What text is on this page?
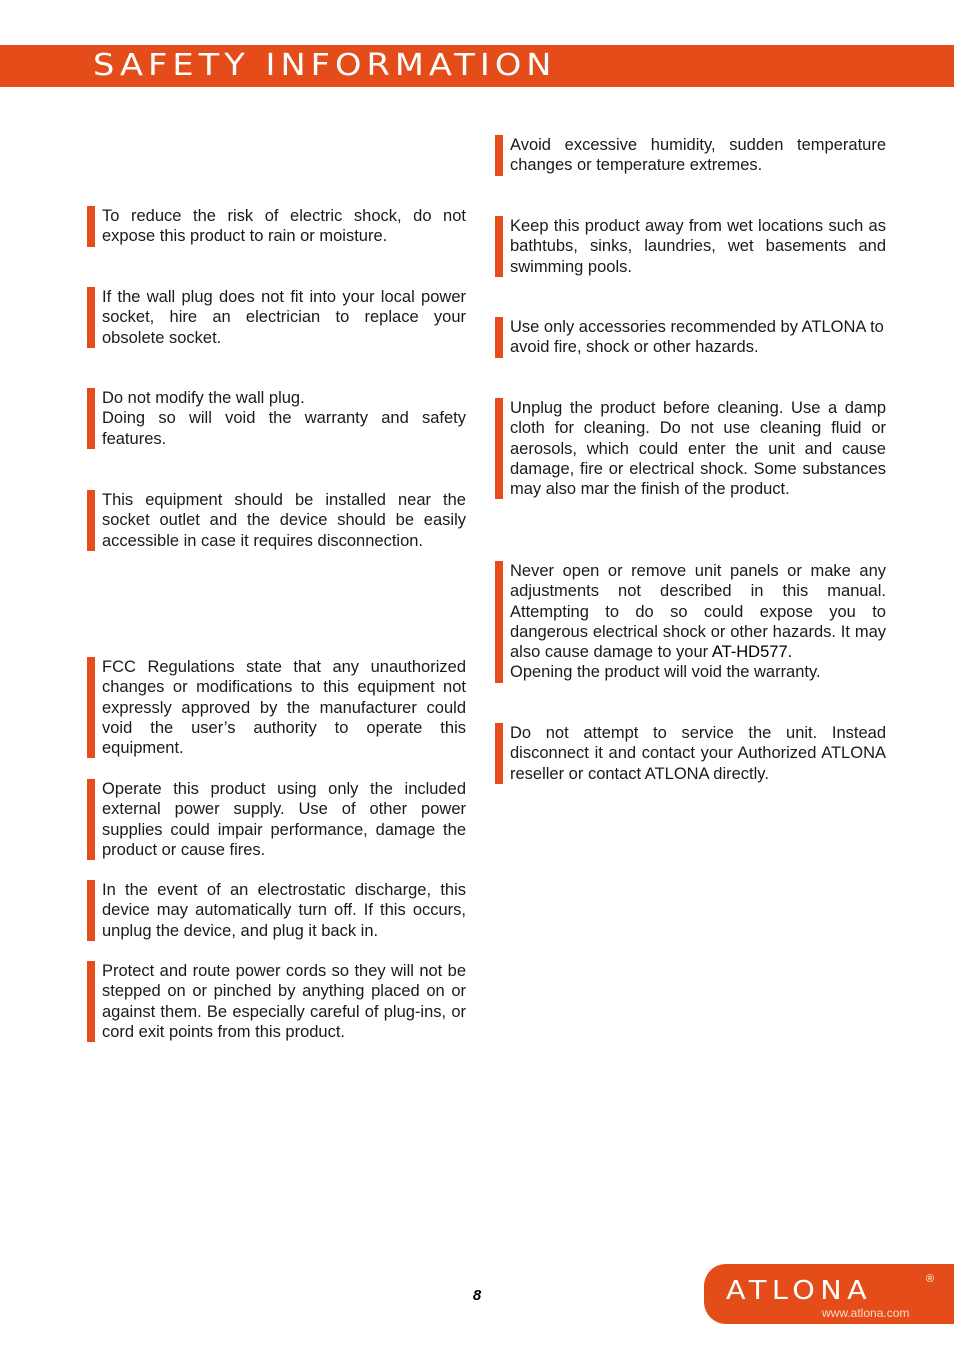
SAFETY INFORMATION
To reduce the risk of electric shock, do not expose this product to rain or moisture.
If the wall plug does not fit into your local power socket, hire an electrician to replace your obsolete socket.
Do not modify the wall plug.
Doing so will void the warranty and safety features.
This equipment should be installed near the socket outlet and the device should be easily accessible in case it requires disconnection.
FCC Regulations state that any unauthorized changes or modifications to this equipment not expressly approved by the manufacturer could void the user’s authority to operate this equipment.
Operate this product using only the included external power supply. Use of other power supplies could impair performance, damage the product or cause fires.
In the event of an electrostatic discharge, this device may automatically turn off. If this occurs, unplug the device, and plug it back in.
Protect and route power cords so they will not be stepped on or pinched by anything placed on or against them. Be especially careful of plug-ins, or cord exit points from this product.
Avoid excessive humidity, sudden temperature changes or temperature extremes.
Keep this product away from wet locations such as bathtubs, sinks, laundries, wet basements and swimming pools.
Use only accessories recommended by ATLONA to avoid fire, shock or other hazards.
Unplug the product before cleaning. Use a damp cloth for cleaning. Do not use cleaning fluid or aerosols, which could enter the unit and cause damage, fire or electrical shock. Some substances may also mar the finish of the product.
Never open or remove unit panels or make any adjustments not described in this manual. Attempting to do so could expose you to dangerous electrical shock or other hazards. It may also cause damage to your AT-HD577.
Opening the product will void the warranty.
Do not attempt to service the unit. Instead disconnect it and contact your Authorized ATLONA reseller or contact ATLONA directly.
8	ATLONA	®
www.atlona.com
